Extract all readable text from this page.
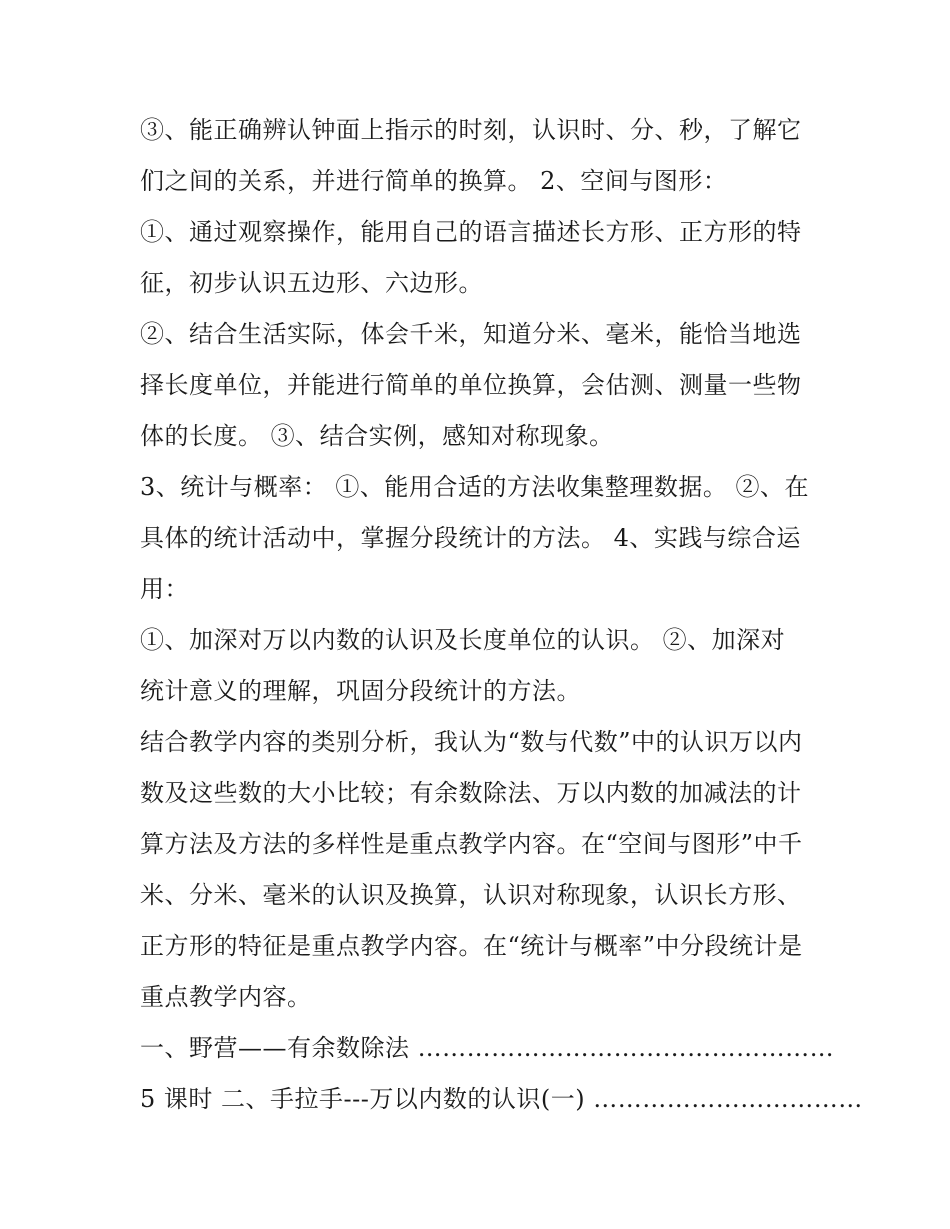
③、能正确辨认钟面上指示的时刻，认识时、分、秒，了解它
们之间的关系，并进行简单的换算。 2、空间与图形：
①、通过观察操作，能用自己的语言描述长方形、正方形的特
征，初步认识五边形、六边形。
②、结合生活实际，体会千米，知道分米、毫米，能恰当地选
择长度单位，并能进行简单的单位换算，会估测、测量一些物
体的长度。 ③、结合实例，感知对称现象。
3、统计与概率： ①、能用合适的方法收集整理数据。 ②、在
具体的统计活动中，掌握分段统计的方法。 4、实践与综合运
用：
①、加深对万以内数的认识及长度单位的认识。 ②、加深对
统计意义的理解，巩固分段统计的方法。
结合教学内容的类别分析，我认为“数与代数”中的认识万以内
数及这些数的大小比较；有余数除法、万以内数的加减法的计
算方法及方法的多样性是重点教学内容。在“空间与图形”中千
米、分米、毫米的认识及换算，认识对称现象，认识长方形、
正方形的特征是重点教学内容。在“统计与概率”中分段统计是
重点教学内容。
一、野营——有余数除法 ……………………………………………
5 课时 二、手拉手---万以内数的认识(一) ……………………………
